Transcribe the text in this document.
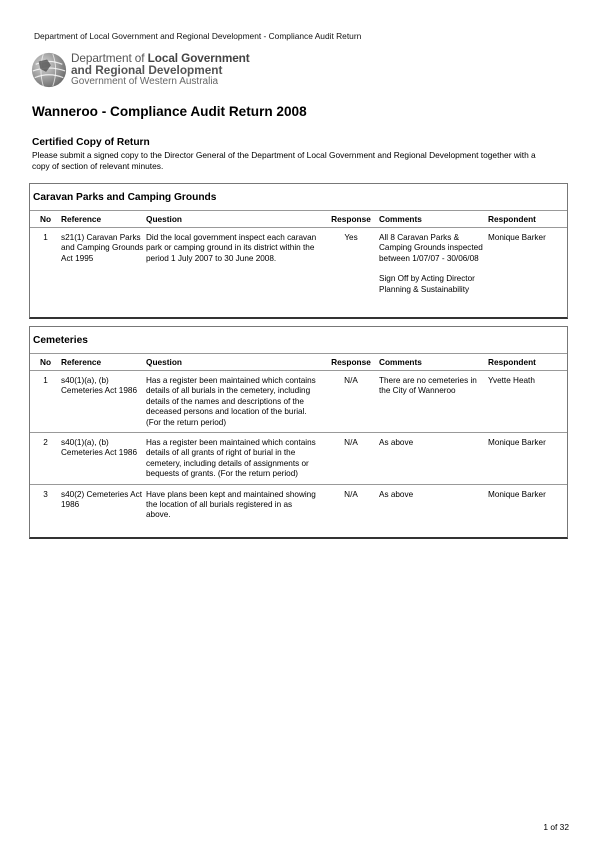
Department of Local Government and Regional Development - Compliance Audit Return
Department of Local Government
and Regional Development
Government of Western Australia
Wanneroo - Compliance Audit Return 2008
Certified Copy of Return
Please submit a signed copy to the Director General of the Department of Local Government and Regional Development together with a copy of section of relevant minutes.
Caravan Parks and Camping Grounds
No	Reference	Question	Response	Comments	Respondent
1	s21(1) Caravan Parks and Camping Grounds Act 1995	Did the local government inspect each caravan park or camping ground in its district within the period 1 July 2007 to 30 June 2008.	Yes	All 8 Caravan Parks & Camping Grounds inspected between 1/07/07 - 30/06/08
Sign Off by Acting Director Planning & Sustainability	Monique Barker
Cemeteries
No	Reference	Question	Response	Comments	Respondent
1	s40(1)(a), (b) Cemeteries Act 1986	Has a register been maintained which contains details of all burials in the cemetery, including details of the names and descriptions of the deceased persons and location of the burial. (For the return period)	N/A	There are no cemeteries in the City of Wanneroo	Yvette Heath
2	s40(1)(a), (b) Cemeteries Act 1986	Has a register been maintained which contains details of all grants of right of burial in the cemetery, including details of assignments or bequests of grants. (For the return period)	N/A	As above	Monique Barker
3	s40(2) Cemeteries Act 1986	Have plans been kept and maintained showing the location of all burials registered in as above.	N/A	As above	Monique Barker
1 of 32
